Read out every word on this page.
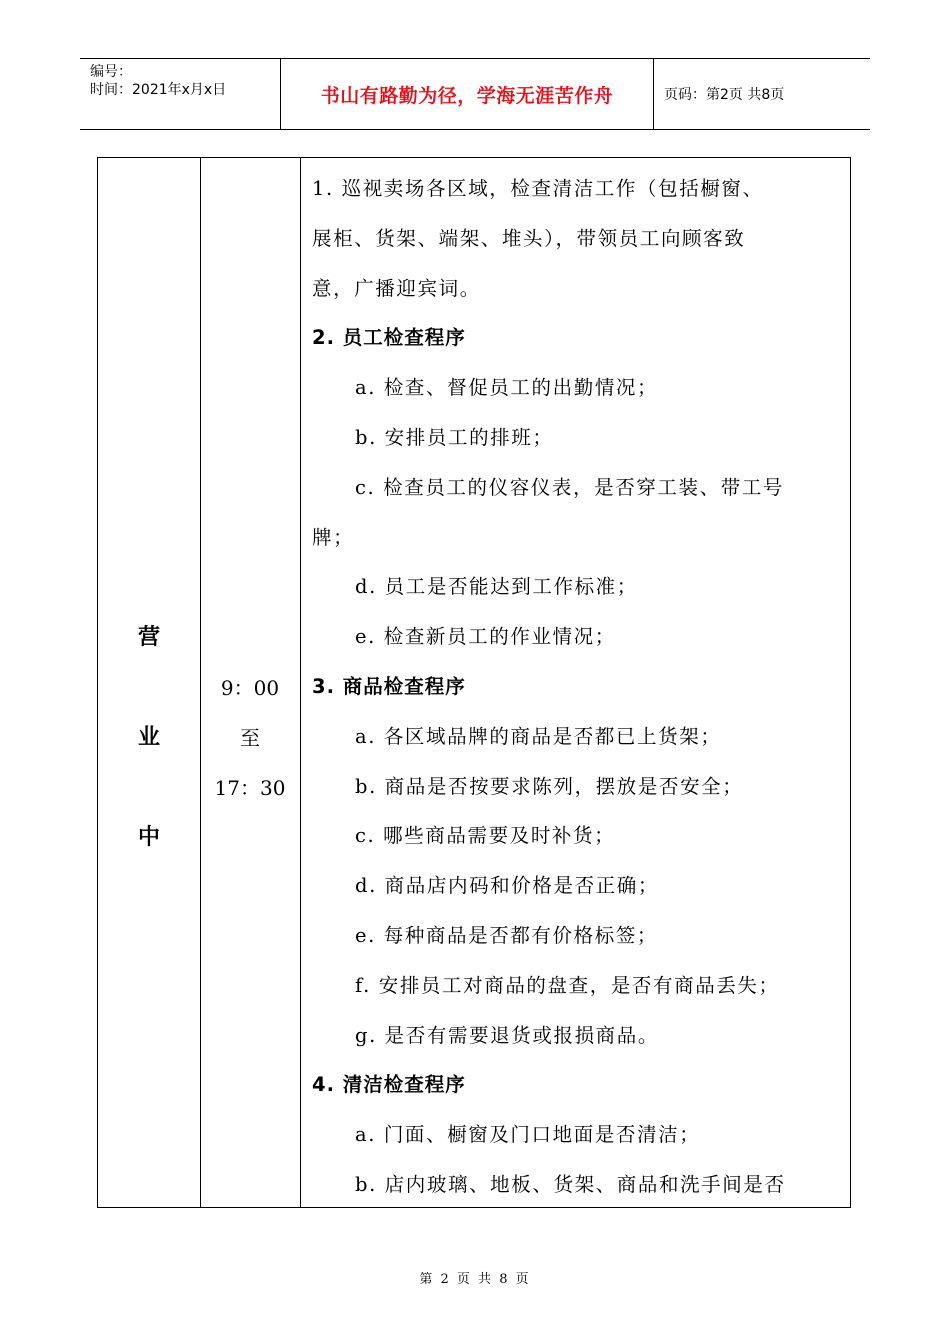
编号：
时间：2021年x月x日	书山有路勤为径，学海无涯苦作舟	页码：第2页 共8页
营
业
中
9：00
至
17：30
1. 巡视卖场各区域，检查清洁工作（包括橱窗、
展柜、货架、端架、堆头），带领员工向顾客致
意，广播迎宾词。
2. 员工检查程序
a. 检查、督促员工的出勤情况；
b. 安排员工的排班；
c. 检查员工的仪容仪表，是否穿工装、带工号
牌；
d. 员工是否能达到工作标准；
e. 检查新员工的作业情况；
3. 商品检查程序
a. 各区域品牌的商品是否都已上货架；
b. 商品是否按要求陈列，摆放是否安全；
c. 哪些商品需要及时补货；
d. 商品店内码和价格是否正确；
e. 每种商品是否都有价格标签；
f. 安排员工对商品的盘查，是否有商品丢失；
g. 是否有需要退货或报损商品。
4. 清洁检查程序
a. 门面、橱窗及门口地面是否清洁；
b. 店内玻璃、地板、货架、商品和洗手间是否
第 2 页 共 8 页
